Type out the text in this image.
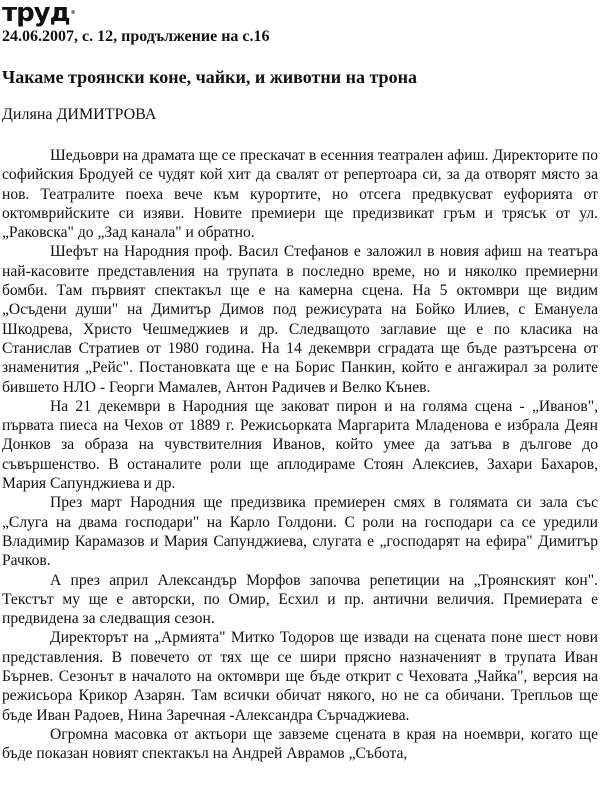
труд®
24.06.2007, с. 12, продължение на с.16
Чакаме троянски коне, чайки, и животни на трона
Диляна ДИМИТРОВА

Шедьоври на драмата ще се прескачат в есенния театрален афиш. Директорите по софийския Бродуей се чудят кой хит да свалят от репертоара си, за да отворят място за нов. Театралите поеха вече към курортите, но отсега предвкусват еуфорията от октомврийските си изяви. Новите премиери ще предизвикат гръм и трясък от ул. „Раковска" до „Зад канала" и обратно.

Шефът на Народния проф. Васил Стефанов е заложил в новия афиш на театъра най-касовите представления на трупата в последно време, но и няколко премиерни бомби. Там първият спектакъл ще е на камерна сцена. На 5 октомври ще видим „Осъдени души" на Димитър Димов под режисурата на Бойко Илиев, с Емануела Шкодрева, Христо Чешмеджиев и др. Следващото заглавие ще е по класика на Станислав Стратиев от 1980 година. На 14 декември сградата ще бъде разтърсена от знаменития „Рейс". Постановката ще е на Борис Панкин, който е ангажирал за ролите бившето НЛО - Георги Мамалев, Антон Радичев и Велко Кънев.

На 21 декември в Народния ще заковат пирон и на голяма сцена - „Иванов", първата пиеса на Чехов от 1889 г. Режисьорката Маргарита Младенова е избрала Деян Донков за образа на чувствителния Иванов, който умее да затъва в дългове до съвършенство. В останалите роли ще аплодираме Стоян Алексиев, Захари Бахаров, Мария Сапунджиева и др.

През март Народния ще предизвика премиерен смях в голямата си зала със „Слуга на двама господари" на Карло Голдони. С роли на господари са се уредили Владимир Карамазов и Мария Сапунджиева, слугата е „господарят на ефира" Димитър Рачков.

А през април Александър Морфов започва репетиции на „Троянският кон". Текстът му ще е авторски, по Омир, Есхил и пр. антични величия. Премиерата е предвидена за следващия сезон.

Директорът на „Армията" Митко Тодоров ще извади на сцената поне шест нови представления. В повечето от тях ще се шири прясно назначеният в трупата Иван Бърнев. Сезонът в началото на октомври ще бъде открит с Чеховата „Чайка", версия на режисьора Крикор Азарян. Там всички обичат някого, но не са обичани. Трепльов ще бъде Иван Радоев, Нина Заречная -Александра Сърчаджиева.

Огромна масовка от актьори ще завземе сцената в края на ноември, когато ще бъде показан новият спектакъл на Андрей Аврамов „Събота,
